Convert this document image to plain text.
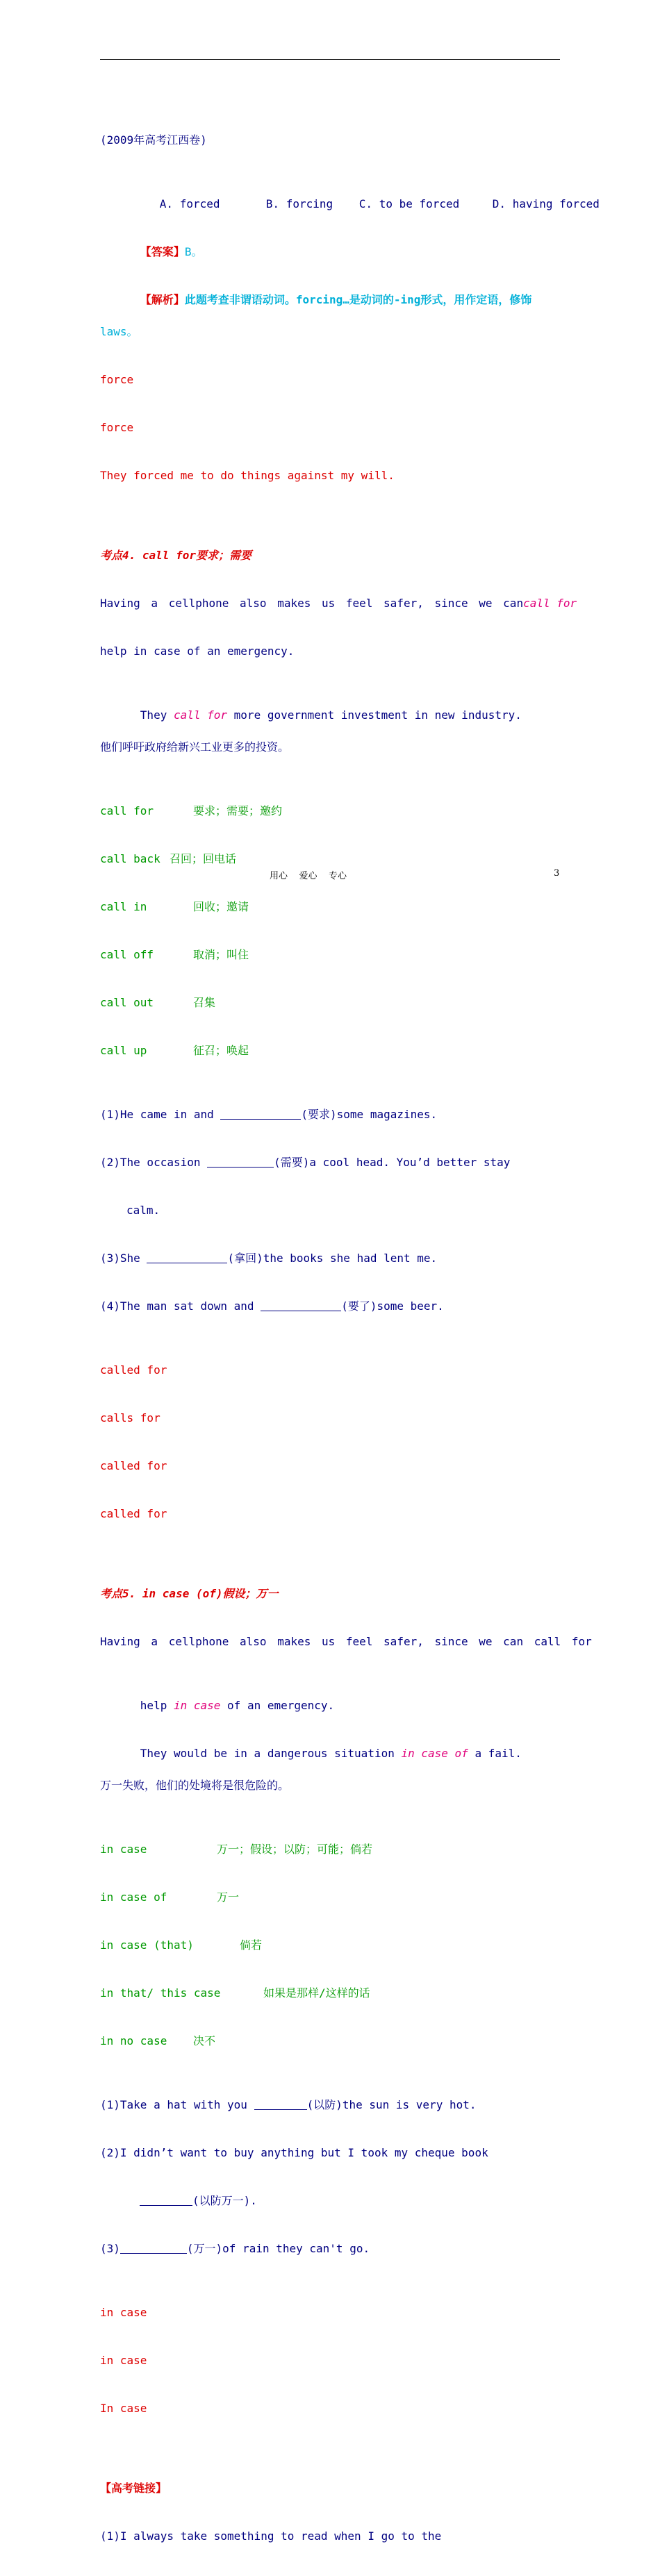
(2009年高考江西卷)

A. forced	B. forcing C. to be forced	D. having forced

【答案】B。

【解析】此题考查非谓语动词。forcing…是动词的-ing形式，用作定语，修饰

laws。

force

force

They forced me to do things against my will.

考点4. call for要求；需要

Having a cellphone also makes us feel safer, since we can call for

help in case of an emergency.

They call for more government investment in new industry.

他们呼吁政府给新兴工业更多的投资。

call for	要求；需要；邀约

call back 召回；回电话

call in	回收；邀请

call off	取消；叫住

call out	召集

call up	征召；唤起

(1)He came in and	(要求)some magazines.

(2)The occasion	(需要)a cool head. You’d better stay

calm.

(3)She	(拿回)the books she had lent me.

(4)The man sat down and	(要了)some beer.

called for

calls for

called for

called for

考点5. in case (of)假设；万一

Having a cellphone also makes us feel safer, since we can call for

help in case of an emergency.

They would be in a dangerous situation in case of a fail.

万一失败，他们的处境将是很危险的。

in case	万一；假设；以防；可能；倘若

in case of	万一

in case (that)	倘若

in that/ this case	如果是那样/这样的话

in no case 决不

(1)Take a hat with you	(以防)the sun is very hot.

(2)I didn’t want to buy anything but I took my cheque book

(以防万一).

(3)	(万一)of rain they can't go.

in case

in case

In case

【高考链接】

(1)I always take something to read when I go to the

用心    爱心    专心	3
